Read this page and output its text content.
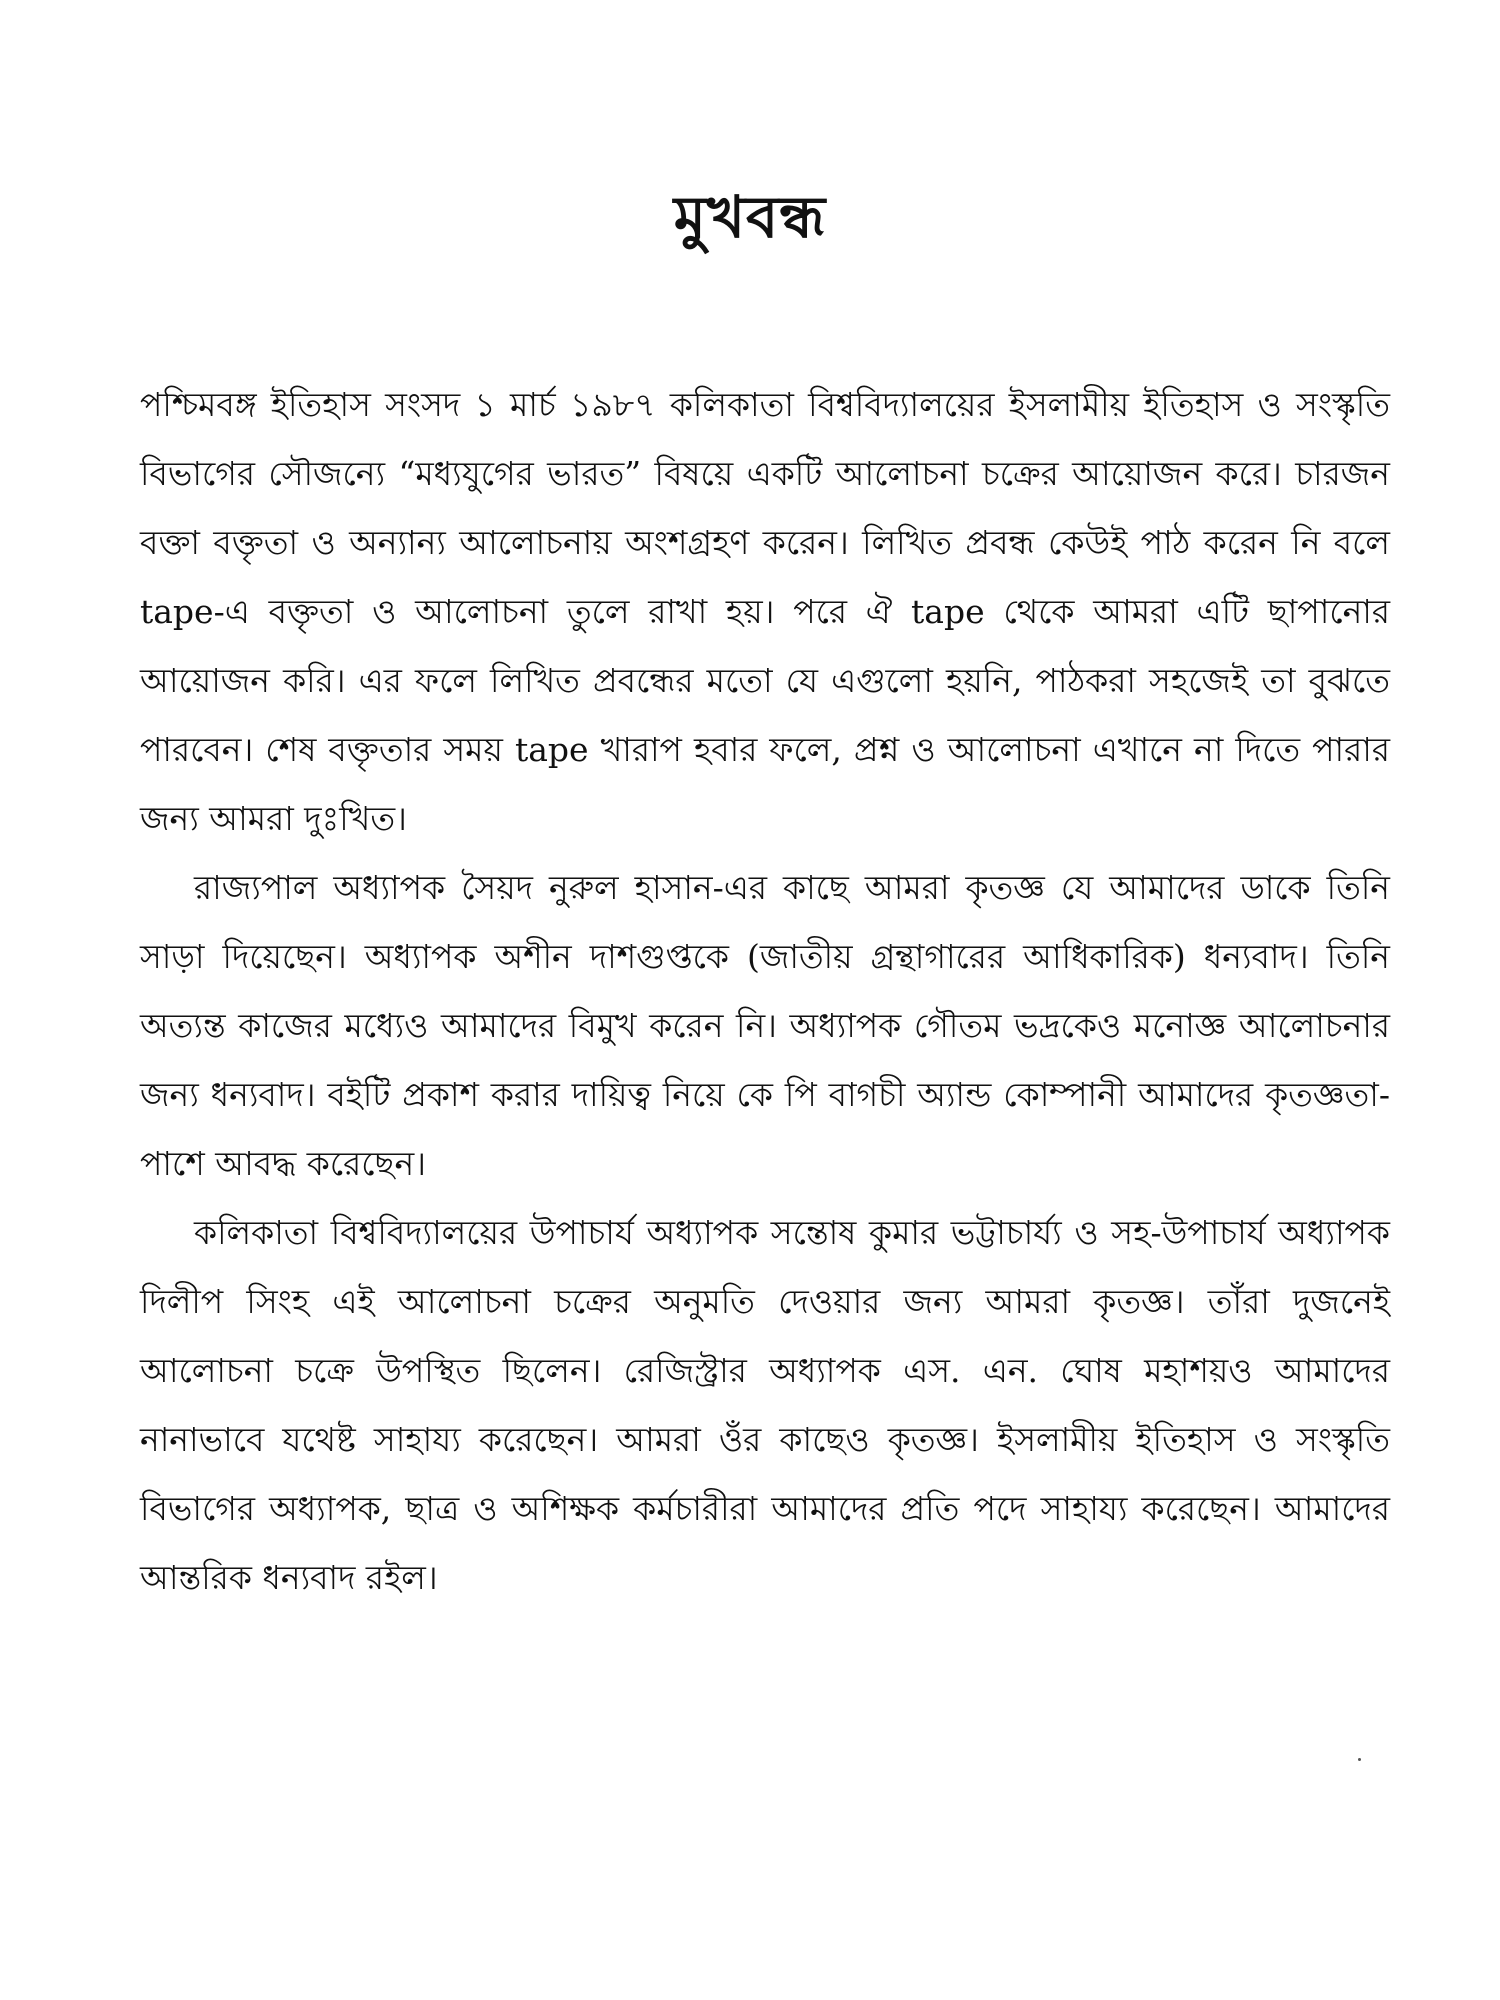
মুখবন্ধ

পশ্চিমবঙ্গ ইতিহাস সংসদ ১ মার্চ ১৯৮৭ কলিকাতা বিশ্ববিদ্যালয়ের ইসলামীয় ইতিহাস ও সংস্কৃতি বিভাগের সৌজন্যে “মধ্যযুগের ভারত” বিষয়ে একটি আলোচনা চক্রের আয়োজন করে। চারজন বক্তা বক্তৃতা ও অন্যান্য আলোচনায় অংশগ্রহণ করেন। লিখিত প্রবন্ধ কেউই পাঠ করেন নি বলে tape-এ বক্তৃতা ও আলোচনা তুলে রাখা হয়। পরে ঐ tape থেকে আমরা এটি ছাপানোর আয়োজন করি। এর ফলে লিখিত প্রবন্ধের মতো যে এগুলো হয়নি, পাঠকরা সহজেই তা বুঝতে পারবেন। শেষ বক্তৃতার সময় tape খারাপ হবার ফলে, প্রশ্ন ও আলোচনা এখানে না দিতে পারার জন্য আমরা দুঃখিত।

রাজ্যপাল অধ্যাপক সৈয়দ নুরুল হাসান-এর কাছে আমরা কৃতজ্ঞ যে আমাদের ডাকে তিনি সাড়া দিয়েছেন। অধ্যাপক অশীন দাশগুপ্তকে (জাতীয় গ্রন্থাগারের আধিকারিক) ধন্যবাদ। তিনি অত্যন্ত কাজের মধ্যেও আমাদের বিমুখ করেন নি। অধ্যাপক গৌতম ভদ্রকেও মনোজ্ঞ আলোচনার জন্য ধন্যবাদ। বইটি প্রকাশ করার দায়িত্ব নিয়ে কে পি বাগচী অ্যান্ড কোম্পানী আমাদের কৃতজ্ঞতা- পাশে আবদ্ধ করেছেন।

কলিকাতা বিশ্ববিদ্যালয়ের উপাচার্য অধ্যাপক সন্তোষ কুমার ভট্টাচার্য্য ও সহ-উপাচার্য অধ্যাপক দিলীপ সিংহ এই আলোচনা চক্রের অনুমতি দেওয়ার জন্য আমরা কৃতজ্ঞ। তাঁরা দুজনেই আলোচনা চক্রে উপস্থিত ছিলেন। রেজিস্ট্রার অধ্যাপক এস. এন. ঘোষ মহাশয়ও আমাদের নানাভাবে যথেষ্ট সাহায্য করেছেন। আমরা ওঁর কাছেও কৃতজ্ঞ। ইসলামীয় ইতিহাস ও সংস্কৃতি বিভাগের অধ্যাপক, ছাত্র ও অশিক্ষক কর্মচারীরা আমাদের প্রতি পদে সাহায্য করেছেন। আমাদের আন্তরিক ধন্যবাদ রইল।
